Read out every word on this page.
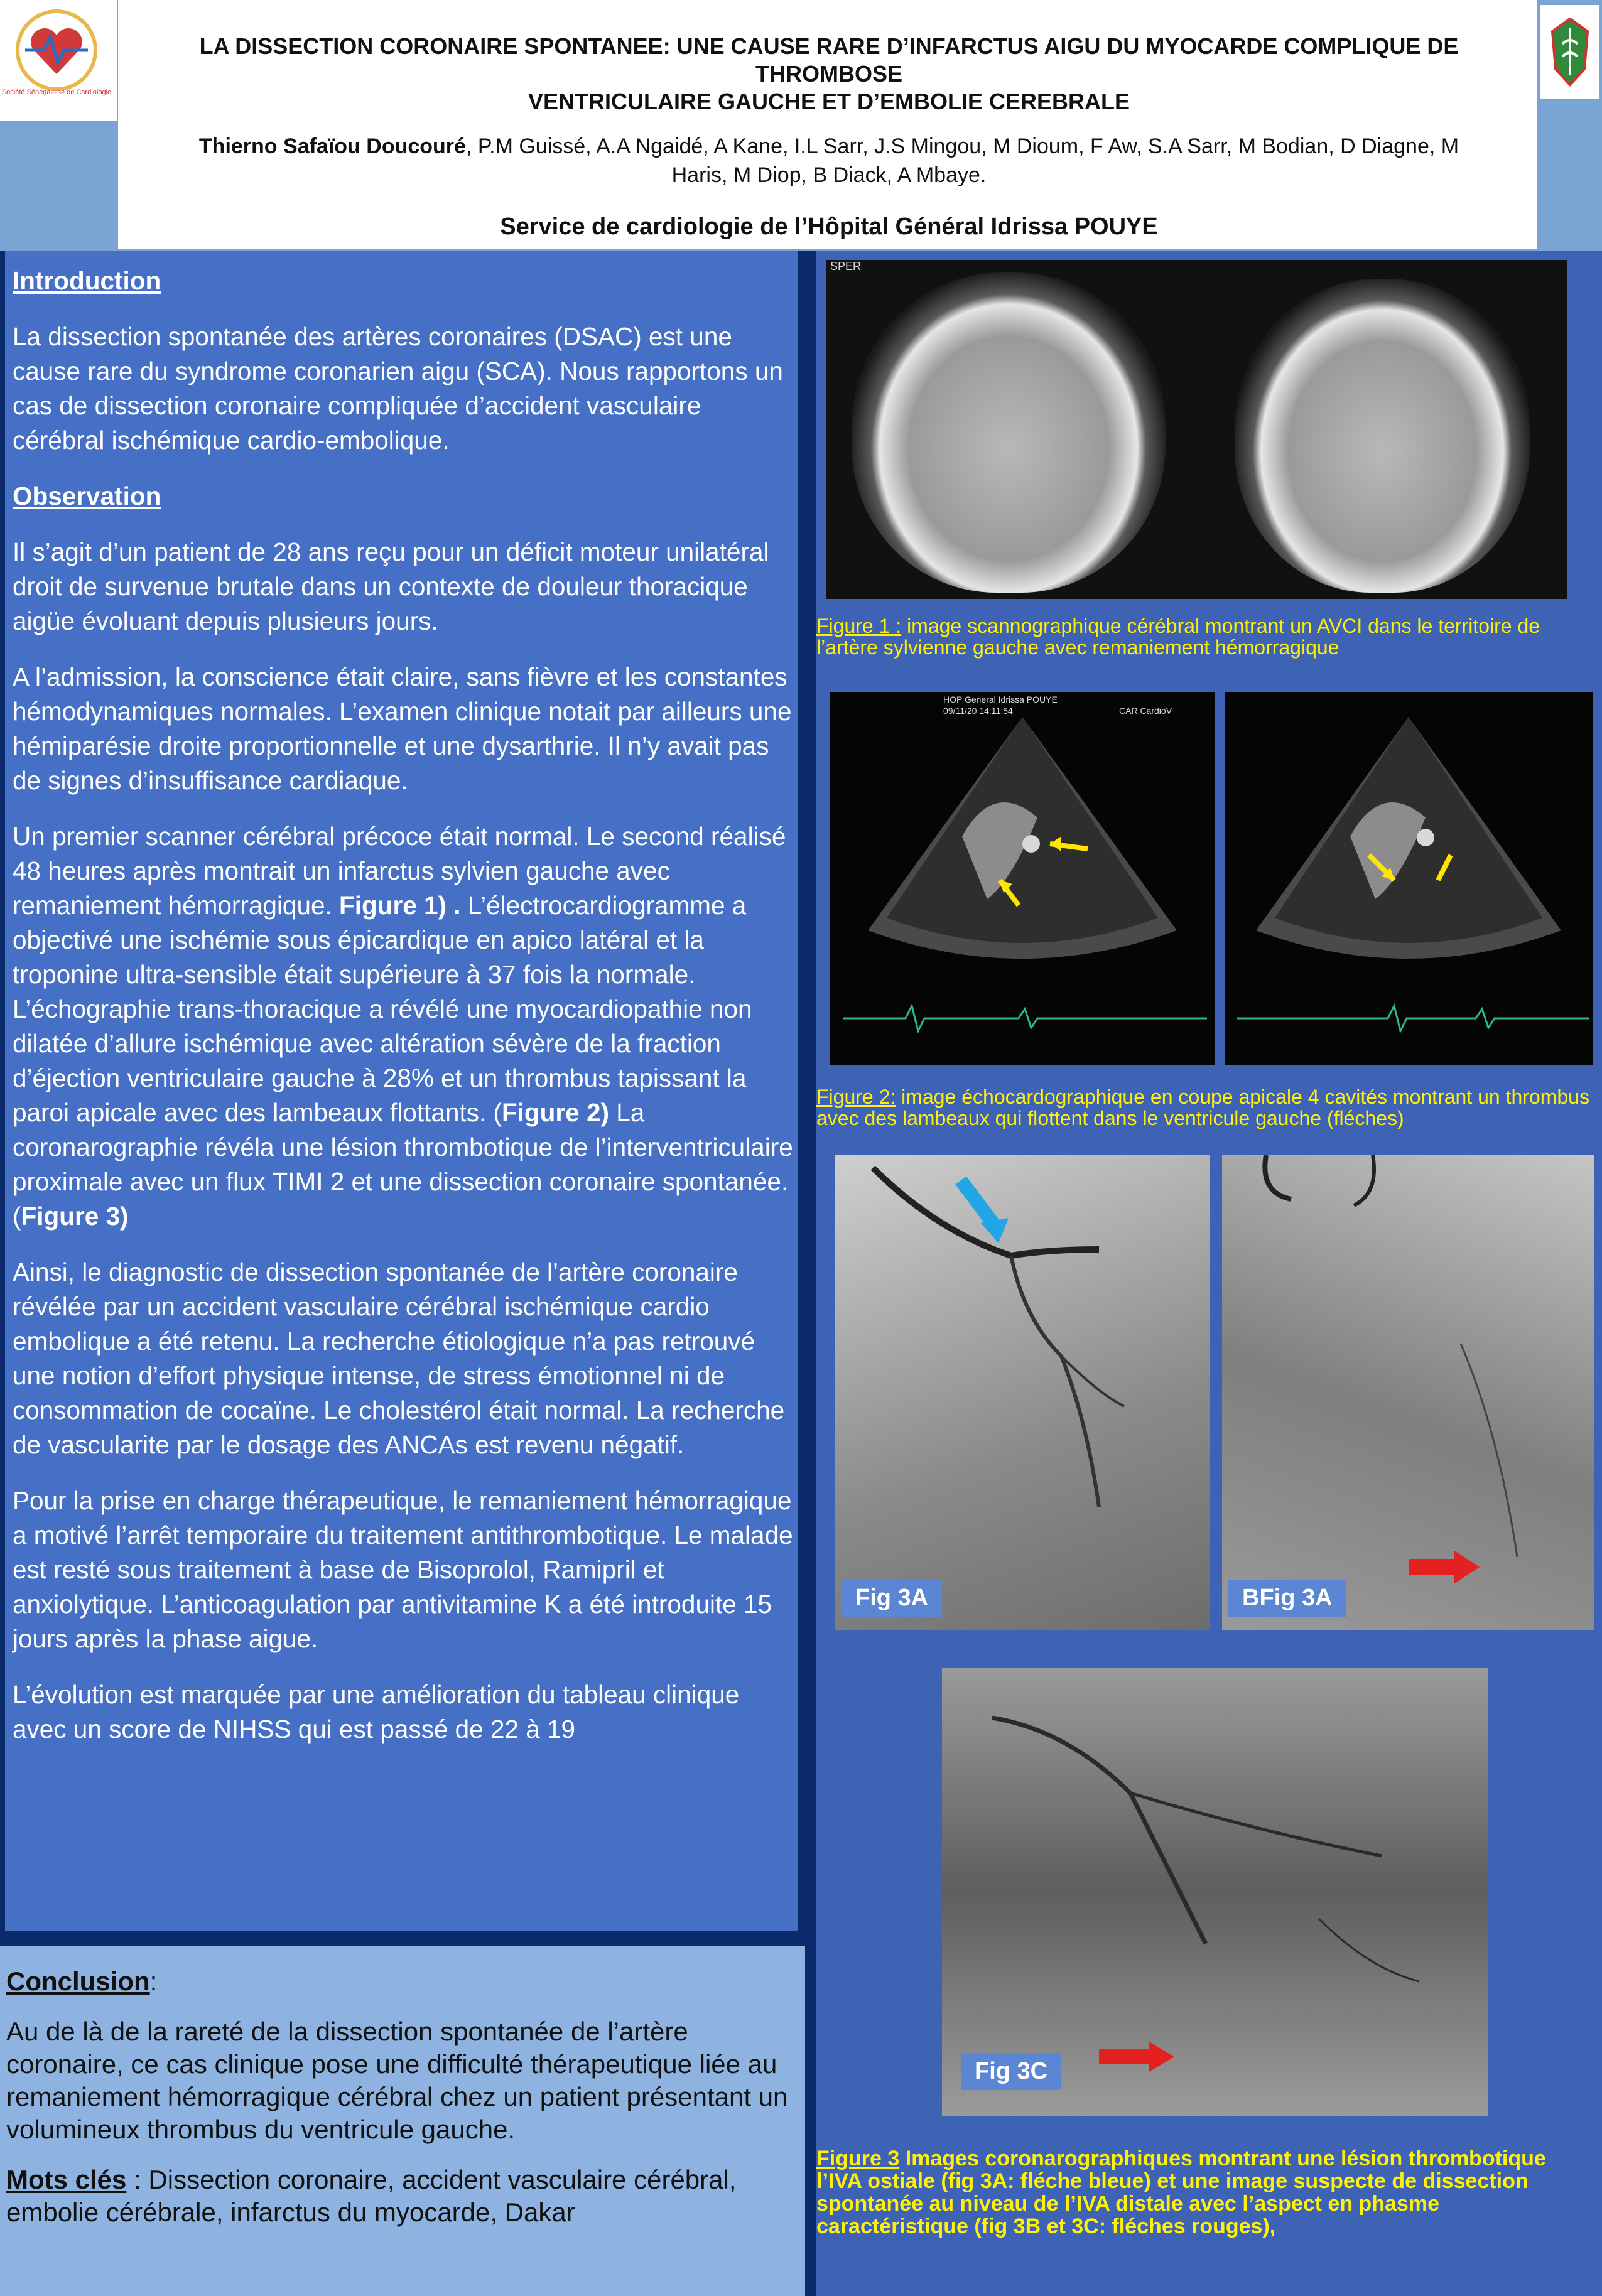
Société Sénégalaise de Cardiologie
LA DISSECTION CORONAIRE SPONTANEE: UNE CAUSE RARE D’INFARCTUS AIGU DU MYOCARDE COMPLIQUE DE THROMBOSE
VENTRICULAIRE GAUCHE ET D’EMBOLIE CEREBRALE
Thierno Safaïou Doucouré, P.M Guissé, A.A Ngaidé, A Kane, I.L Sarr, J.S Mingou, M Dioum, F Aw, S.A Sarr, M Bodian, D Diagne, M
Haris, M Diop, B Diack, A Mbaye.
Service de cardiologie de l’Hôpital Général Idrissa POUYE
Introduction

La dissection spontanée des artères coronaires (DSAC) est une cause rare du syndrome coronarien aigu (SCA). Nous rapportons un cas de dissection coronaire compliquée d’accident vasculaire cérébral ischémique cardio-embolique.

Observation

Il s’agit d’un patient de 28 ans reçu pour un déficit moteur unilatéral droit de survenue brutale dans un contexte de douleur thoracique aigüe évoluant depuis plusieurs jours.

A l’admission, la conscience était claire, sans fièvre et les constantes hémodynamiques normales. L’examen clinique notait par ailleurs une hémiparésie droite proportionnelle et une dysarthrie. Il n’y avait pas de signes d’insuffisance cardiaque.

Un premier scanner cérébral précoce était normal. Le second réalisé 48 heures après montrait un infarctus sylvien gauche avec remaniement hémorragique. Figure 1) . L’électrocardiogramme a objectivé une ischémie sous épicardique en apico latéral et la troponine ultra-sensible était supérieure à 37 fois la normale. L’échographie trans-thoracique a révélé une myocardiopathie non dilatée d’allure ischémique avec altération sévère de la fraction d’éjection ventriculaire gauche à 28% et un thrombus tapissant la paroi apicale avec des lambeaux flottants. (Figure 2) La coronarographie révéla une lésion thrombotique de l’interventriculaire proximale avec un flux TIMI 2 et une dissection coronaire spontanée.(Figure 3)

Ainsi, le diagnostic de dissection spontanée de l’artère coronaire révélée par un accident vasculaire cérébral ischémique cardio embolique a été retenu. La recherche étiologique n’a pas retrouvé une notion d’effort physique intense, de stress émotionnel ni de consommation de cocaïne. Le cholestérol était normal. La recherche de vascularite par le dosage des ANCAs est revenu négatif.

Pour la prise en charge thérapeutique, le remaniement hémorragique a motivé l’arrêt temporaire du traitement antithrombotique. Le malade est resté sous traitement à base de Bisoprolol, Ramipril et anxiolytique. L’anticoagulation par antivitamine K a été introduite 15 jours après la phase aigue.

L’évolution est marquée par une amélioration du tableau clinique avec un score de NIHSS qui est passé de 22 à 19

Conclusion:

Au de là de la rareté de la dissection spontanée de l’artère coronaire, ce cas clinique pose une difficulté thérapeutique liée au remaniement hémorragique cérébral chez un patient présentant un volumineux thrombus du ventricule gauche.

Mots clés : Dissection coronaire, accident vasculaire cérébral, embolie cérébrale, infarctus du myocarde, Dakar

SPER
Figure 1 : image scannographique cérébral montrant un AVCI dans le territoire de l’artère sylvienne gauche avec remaniement hémorragique
HOP General Idrissa POUYE
09/11/20 14:11:54	CAR CardioV
Figure 2: image échocardographique en coupe apicale 4 cavités montrant un thrombus avec des lambeaux qui flottent dans le ventricule gauche (fléches)
Fig 3A	BFig 3A
Fig 3C
Figure 3 Images coronarographiques montrant une lésion thrombotique l’IVA ostiale (fig 3A: fléche bleue) et une image suspecte de dissection spontanée au niveau de l’IVA distale avec l’aspect en phasme caractéristique (fig 3B et 3C: fléches rouges),
